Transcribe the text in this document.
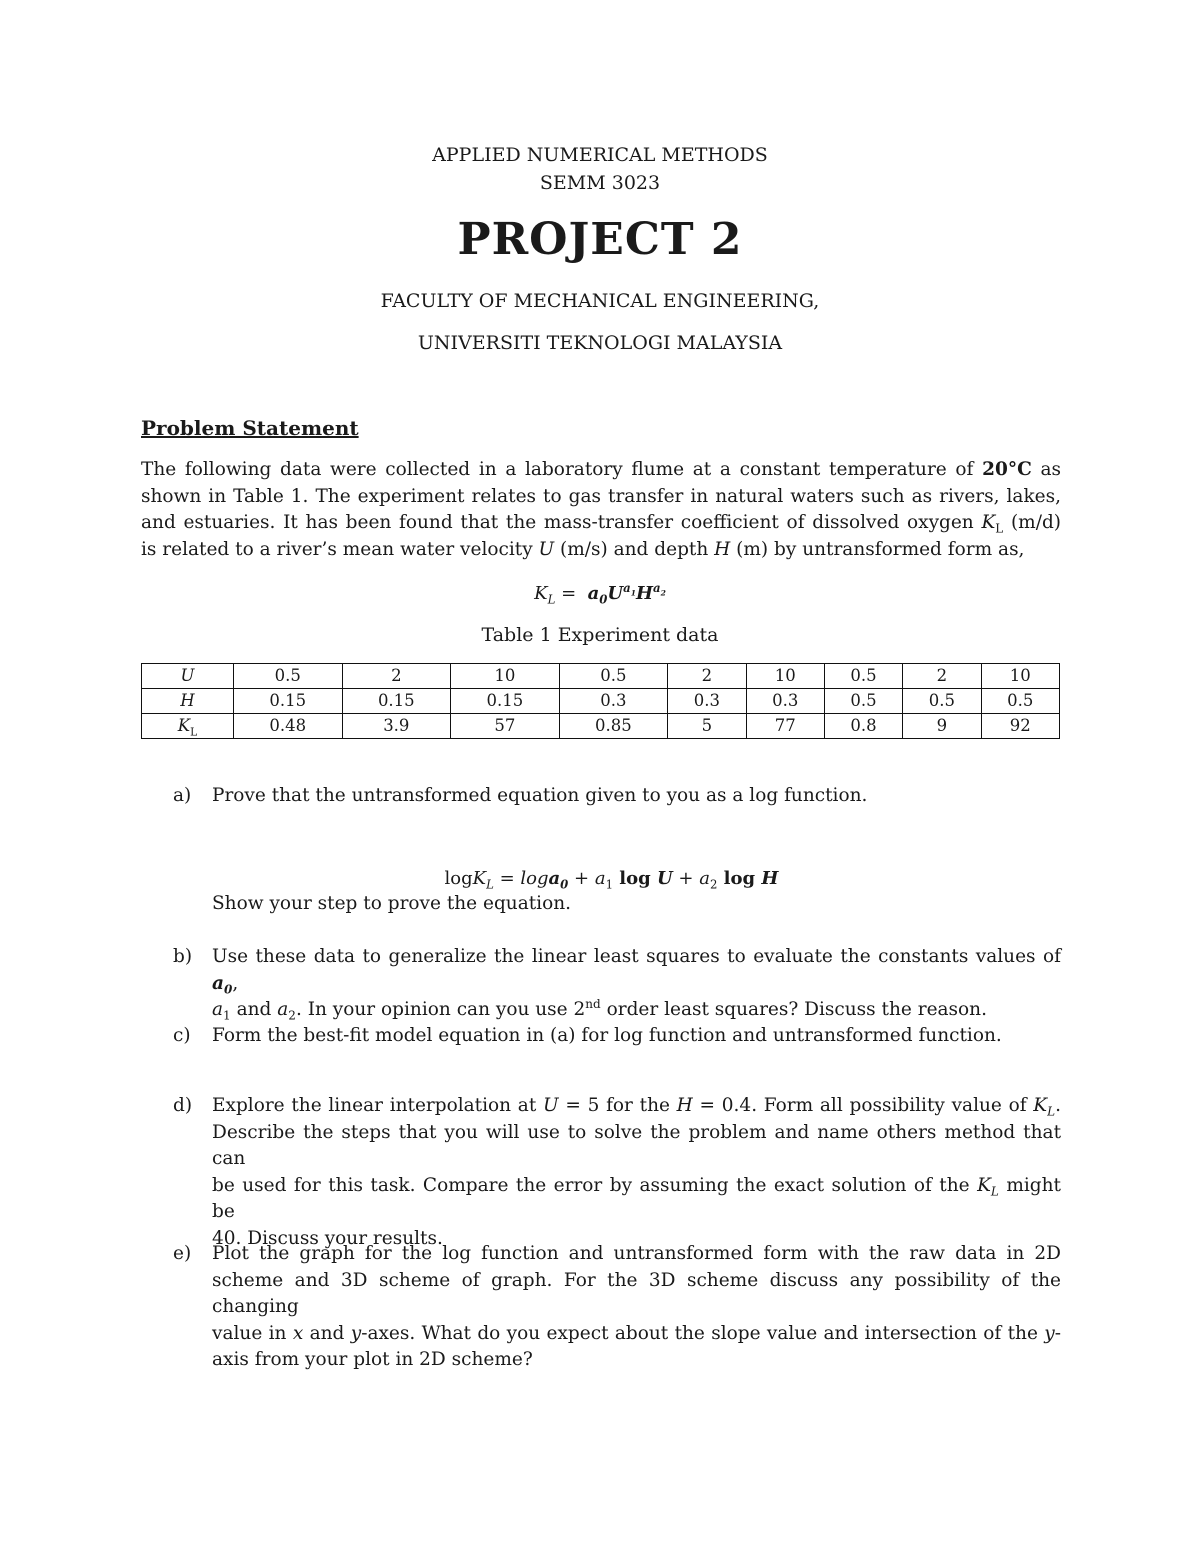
APPLIED NUMERICAL METHODS
SEMM 3023
PROJECT 2
FACULTY OF MECHANICAL ENGINEERING,
UNIVERSITI TEKNOLOGI MALAYSIA
Problem Statement
The following data were collected in a laboratory flume at a constant temperature of 20°C as
shown in Table 1. The experiment relates to gas transfer in natural waters such as rivers, lakes,
and estuaries. It has been found that the mass-transfer coefficient of dissolved oxygen $K_L$ (m/d)
is related to a river’s mean water velocity U (m/s) and depth H (m) by untransformed form as,
$K_L = a_0U^{a_1}H^{a_2}$
Table 1 Experiment data
U	0.5	2	10	0.5	2	10	0.5	2	10
H	0.15	0.15	0.15	0.3	0.3	0.3	0.5	0.5	0.5
$K_L$	0.48	3.9	57	0.85	5	77	0.8	9	92
a)	Prove that the untransformed equation given to you as a log function.

$\log K_L = \log a_0 + a_1$ $\log U + a_2$ log H

Show your step to prove the equation.
b)	Use these data to generalize the linear least squares to evaluate the constants values of $a_0$,
$a_1$ and $a_2$. In your opinion can you use 2nd order least squares? Discuss the reason.
c)	Form the best-fit model equation in (a) for log function and untransformed function.
d)	Explore the linear interpolation at U = 5 for the H = 0.4. Form all possibility value of $K_L$.
Describe the steps that you will use to solve the problem and name others method that can
be used for this task. Compare the error by assuming the exact solution of the $K_L$ might be
40. Discuss your results.
e)	Plot the graph for the log function and untransformed form with the raw data in 2D
scheme and 3D scheme of graph. For the 3D scheme discuss any possibility of the changing
value in x and y-axes. What do you expect about the slope value and intersection of the y-
axis from your plot in 2D scheme?
